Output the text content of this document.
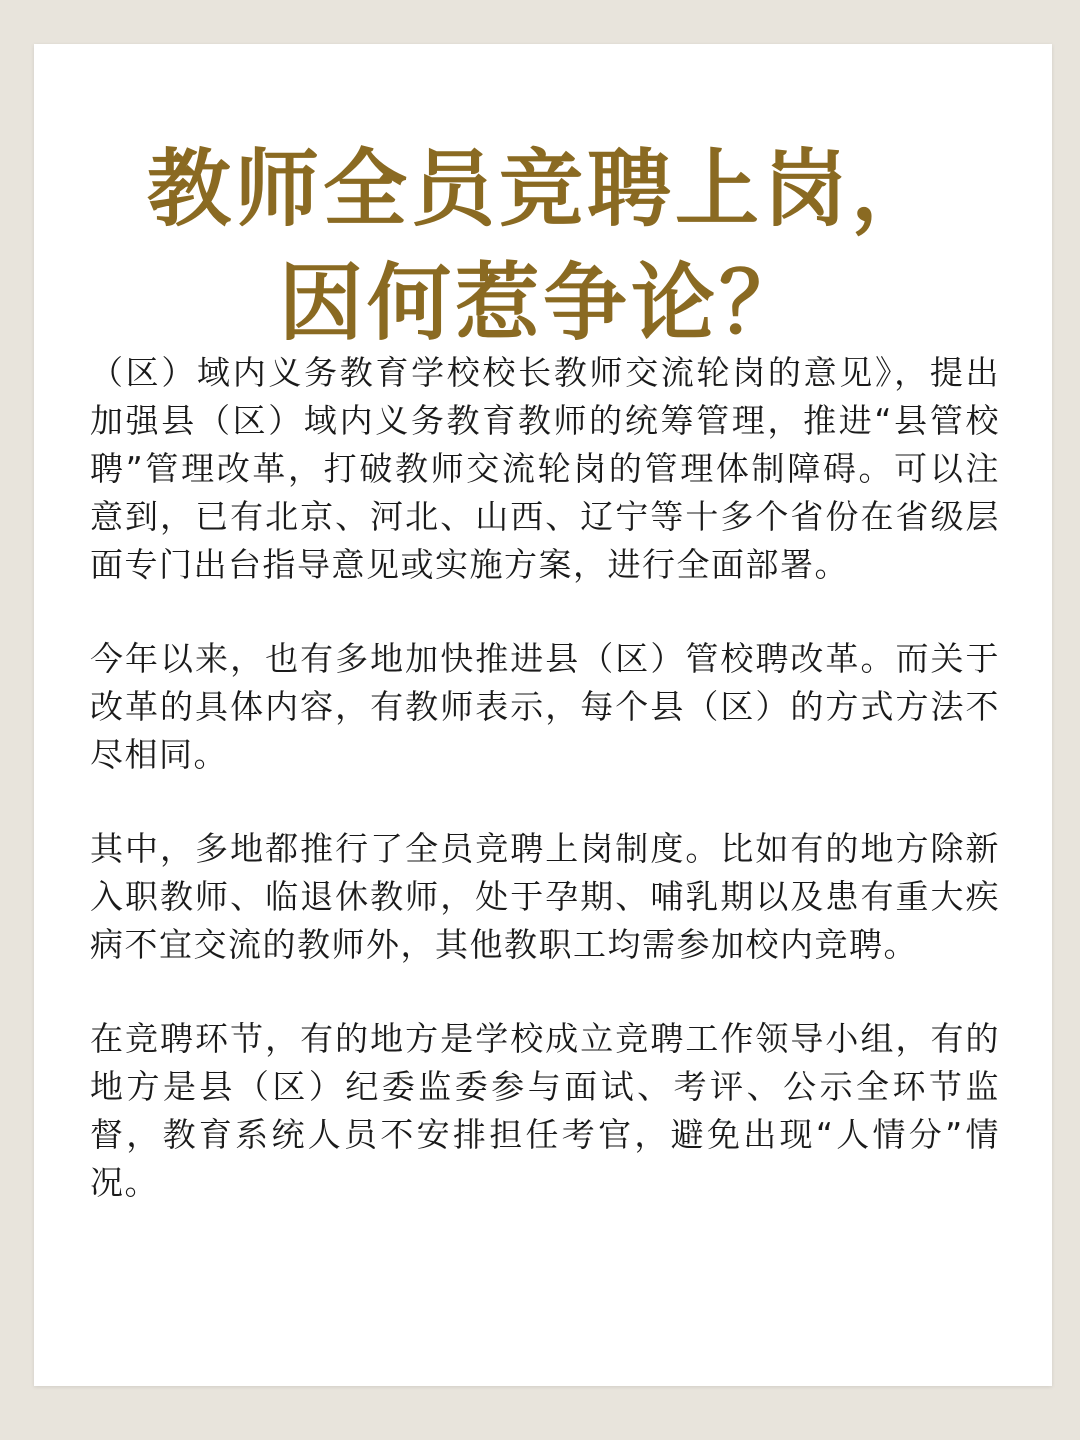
教师全员竞聘上岗，
因何惹争论？

（区）域内义务教育学校校长教师交流轮岗的意见》，提出加强县（区）域内义务教育教师的统筹管理，推进“县管校聘”管理改革，打破教师交流轮岗的管理体制障碍。可以注意到，已有北京、河北、山西、辽宁等十多个省份在省级层面专门出台指导意见或实施方案，进行全面部署。

今年以来，也有多地加快推进县（区）管校聘改革。而关于改革的具体内容，有教师表示，每个县（区）的方式方法不尽相同。

其中，多地都推行了全员竞聘上岗制度。比如有的地方除新入职教师、临退休教师，处于孕期、哺乳期以及患有重大疾病不宜交流的教师外，其他教职工均需参加校内竞聘。

在竞聘环节，有的地方是学校成立竞聘工作领导小组，有的地方是县（区）纪委监委参与面试、考评、公示全环节监督，教育系统人员不安排担任考官，避免出现“人情分”情况。
